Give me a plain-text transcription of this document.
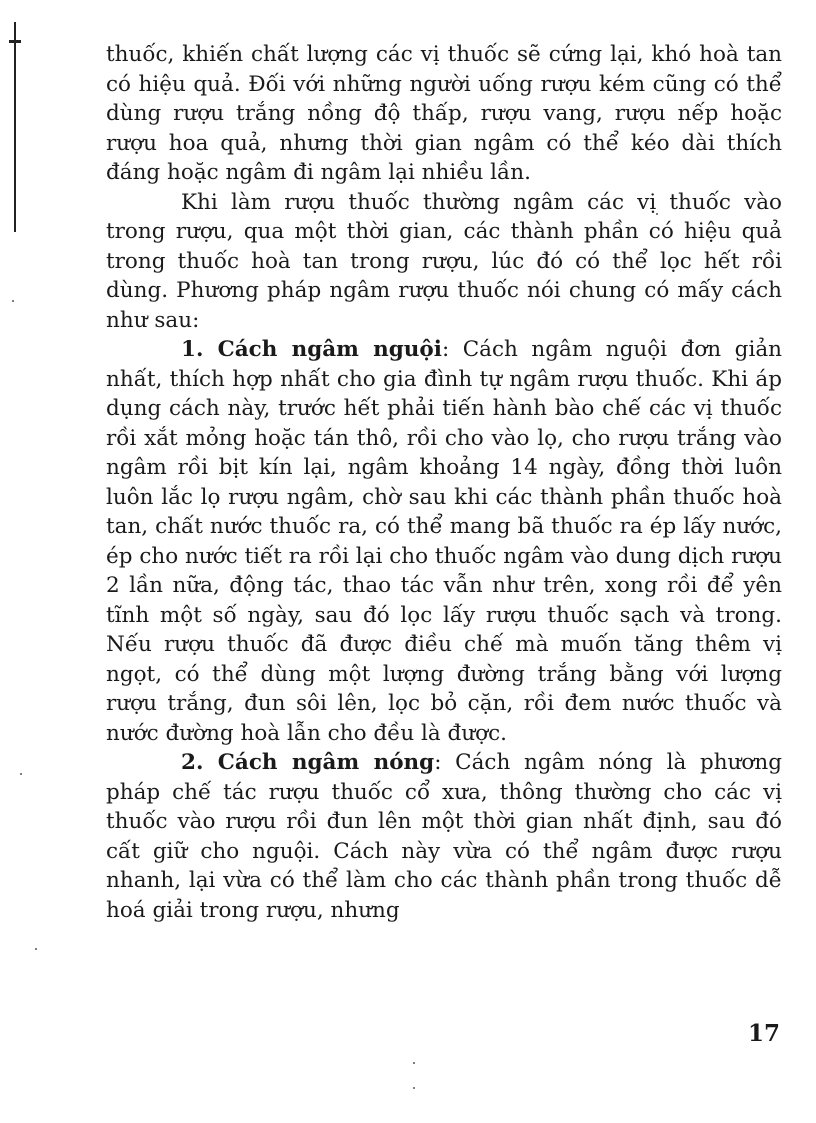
thuốc, khiến chất lượng các vị thuốc sẽ cứng lại, khó hoà tan có hiệu quả. Đối với những người uống rượu kém cũng có thể dùng rượu trắng nồng độ thấp, rượu vang, rượu nếp hoặc rượu hoa quả, nhưng thời gian ngâm có thể kéo dài thích đáng hoặc ngâm đi ngâm lại nhiều lần.

Khi làm rượu thuốc thường ngâm các vị thuốc vào trong rượu, qua một thời gian, các thành phần có hiệu quả trong thuốc hoà tan trong rượu, lúc đó có thể lọc hết rồi dùng. Phương pháp ngâm rượu thuốc nói chung có mấy cách như sau:

1. Cách ngâm nguội: Cách ngâm nguội đơn giản nhất, thích hợp nhất cho gia đình tự ngâm rượu thuốc. Khi áp dụng cách này, trước hết phải tiến hành bào chế các vị thuốc rồi xắt mỏng hoặc tán thô, rồi cho vào lọ, cho rượu trắng vào ngâm rồi bịt kín lại, ngâm khoảng 14 ngày, đồng thời luôn luôn lắc lọ rượu ngâm, chờ sau khi các thành phần thuốc hoà tan, chất nước thuốc ra, có thể mang bã thuốc ra ép lấy nước, ép cho nước tiết ra rồi lại cho thuốc ngâm vào dung dịch rượu 2 lần nữa, động tác, thao tác vẫn như trên, xong rồi để yên tĩnh một số ngày, sau đó lọc lấy rượu thuốc sạch và trong. Nếu rượu thuốc đã được điều chế mà muốn tăng thêm vị ngọt, có thể dùng một lượng đường trắng bằng với lượng rượu trắng, đun sôi lên, lọc bỏ cặn, rồi đem nước thuốc và nước đường hoà lẫn cho đều là được.

2. Cách ngâm nóng: Cách ngâm nóng là phương pháp chế tác rượu thuốc cổ xưa, thông thường cho các vị thuốc vào rượu rồi đun lên một thời gian nhất định, sau đó cất giữ cho nguội. Cách này vừa có thể ngâm được rượu nhanh, lại vừa có thể làm cho các thành phần trong thuốc dễ hoá giải trong rượu, nhưng

17
